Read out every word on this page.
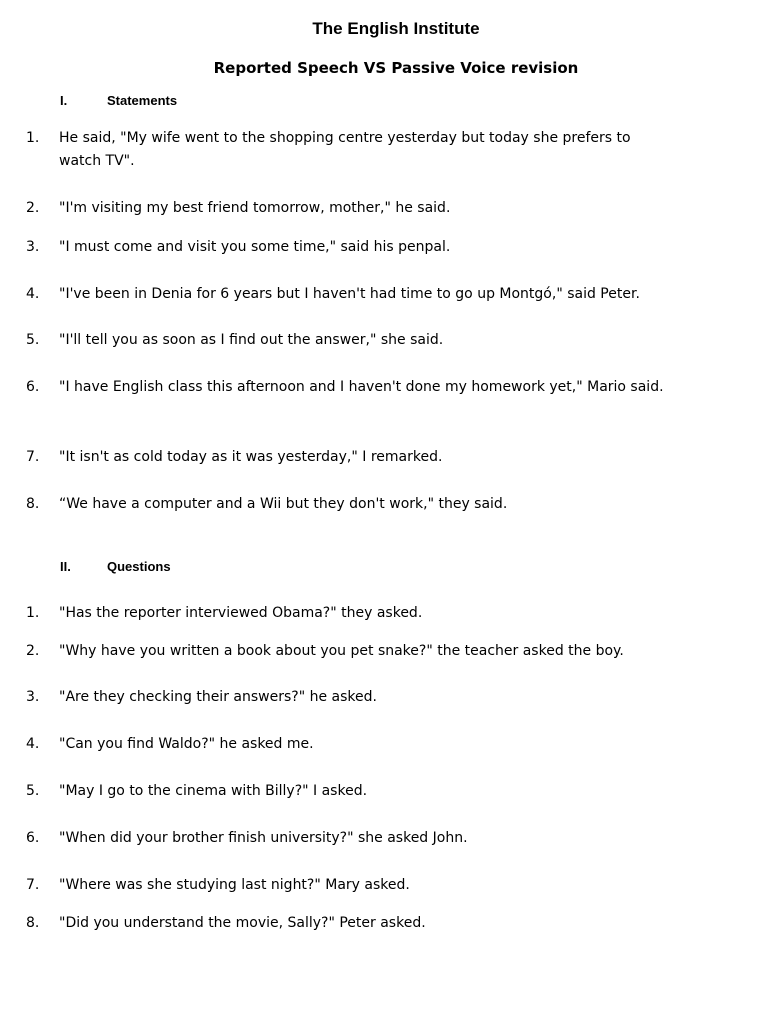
The English Institute
Reported Speech VS Passive Voice revision
I.	Statements
1. He said, "My wife went to the shopping centre yesterday but today she prefers to watch TV".
2. "I'm visiting my best friend tomorrow, mother," he said.
3. "I must come and visit you some time," said his penpal.
4. "I've been in Denia for 6 years but I haven't had time to go up Montgó," said Peter.
5. "I'll tell you as soon as I find out the answer," she said.
6. "I have English class this afternoon and I haven't done my homework yet," Mario said.
7. "It isn't as cold today as it was yesterday," I remarked.
8. “We have a computer and a Wii but they don't work," they said.
II.	Questions
1. "Has the reporter interviewed Obama?" they asked.
2. "Why have you written a book about you pet snake?" the teacher asked the boy.
3. "Are they checking their answers?" he asked.
4. "Can you find Waldo?" he asked me.
5. "May I go to the cinema with Billy?" I asked.
6. "When did your brother finish university?" she asked John.
7. "Where was she studying last night?" Mary asked.
8. "Did you understand the movie, Sally?" Peter asked.
